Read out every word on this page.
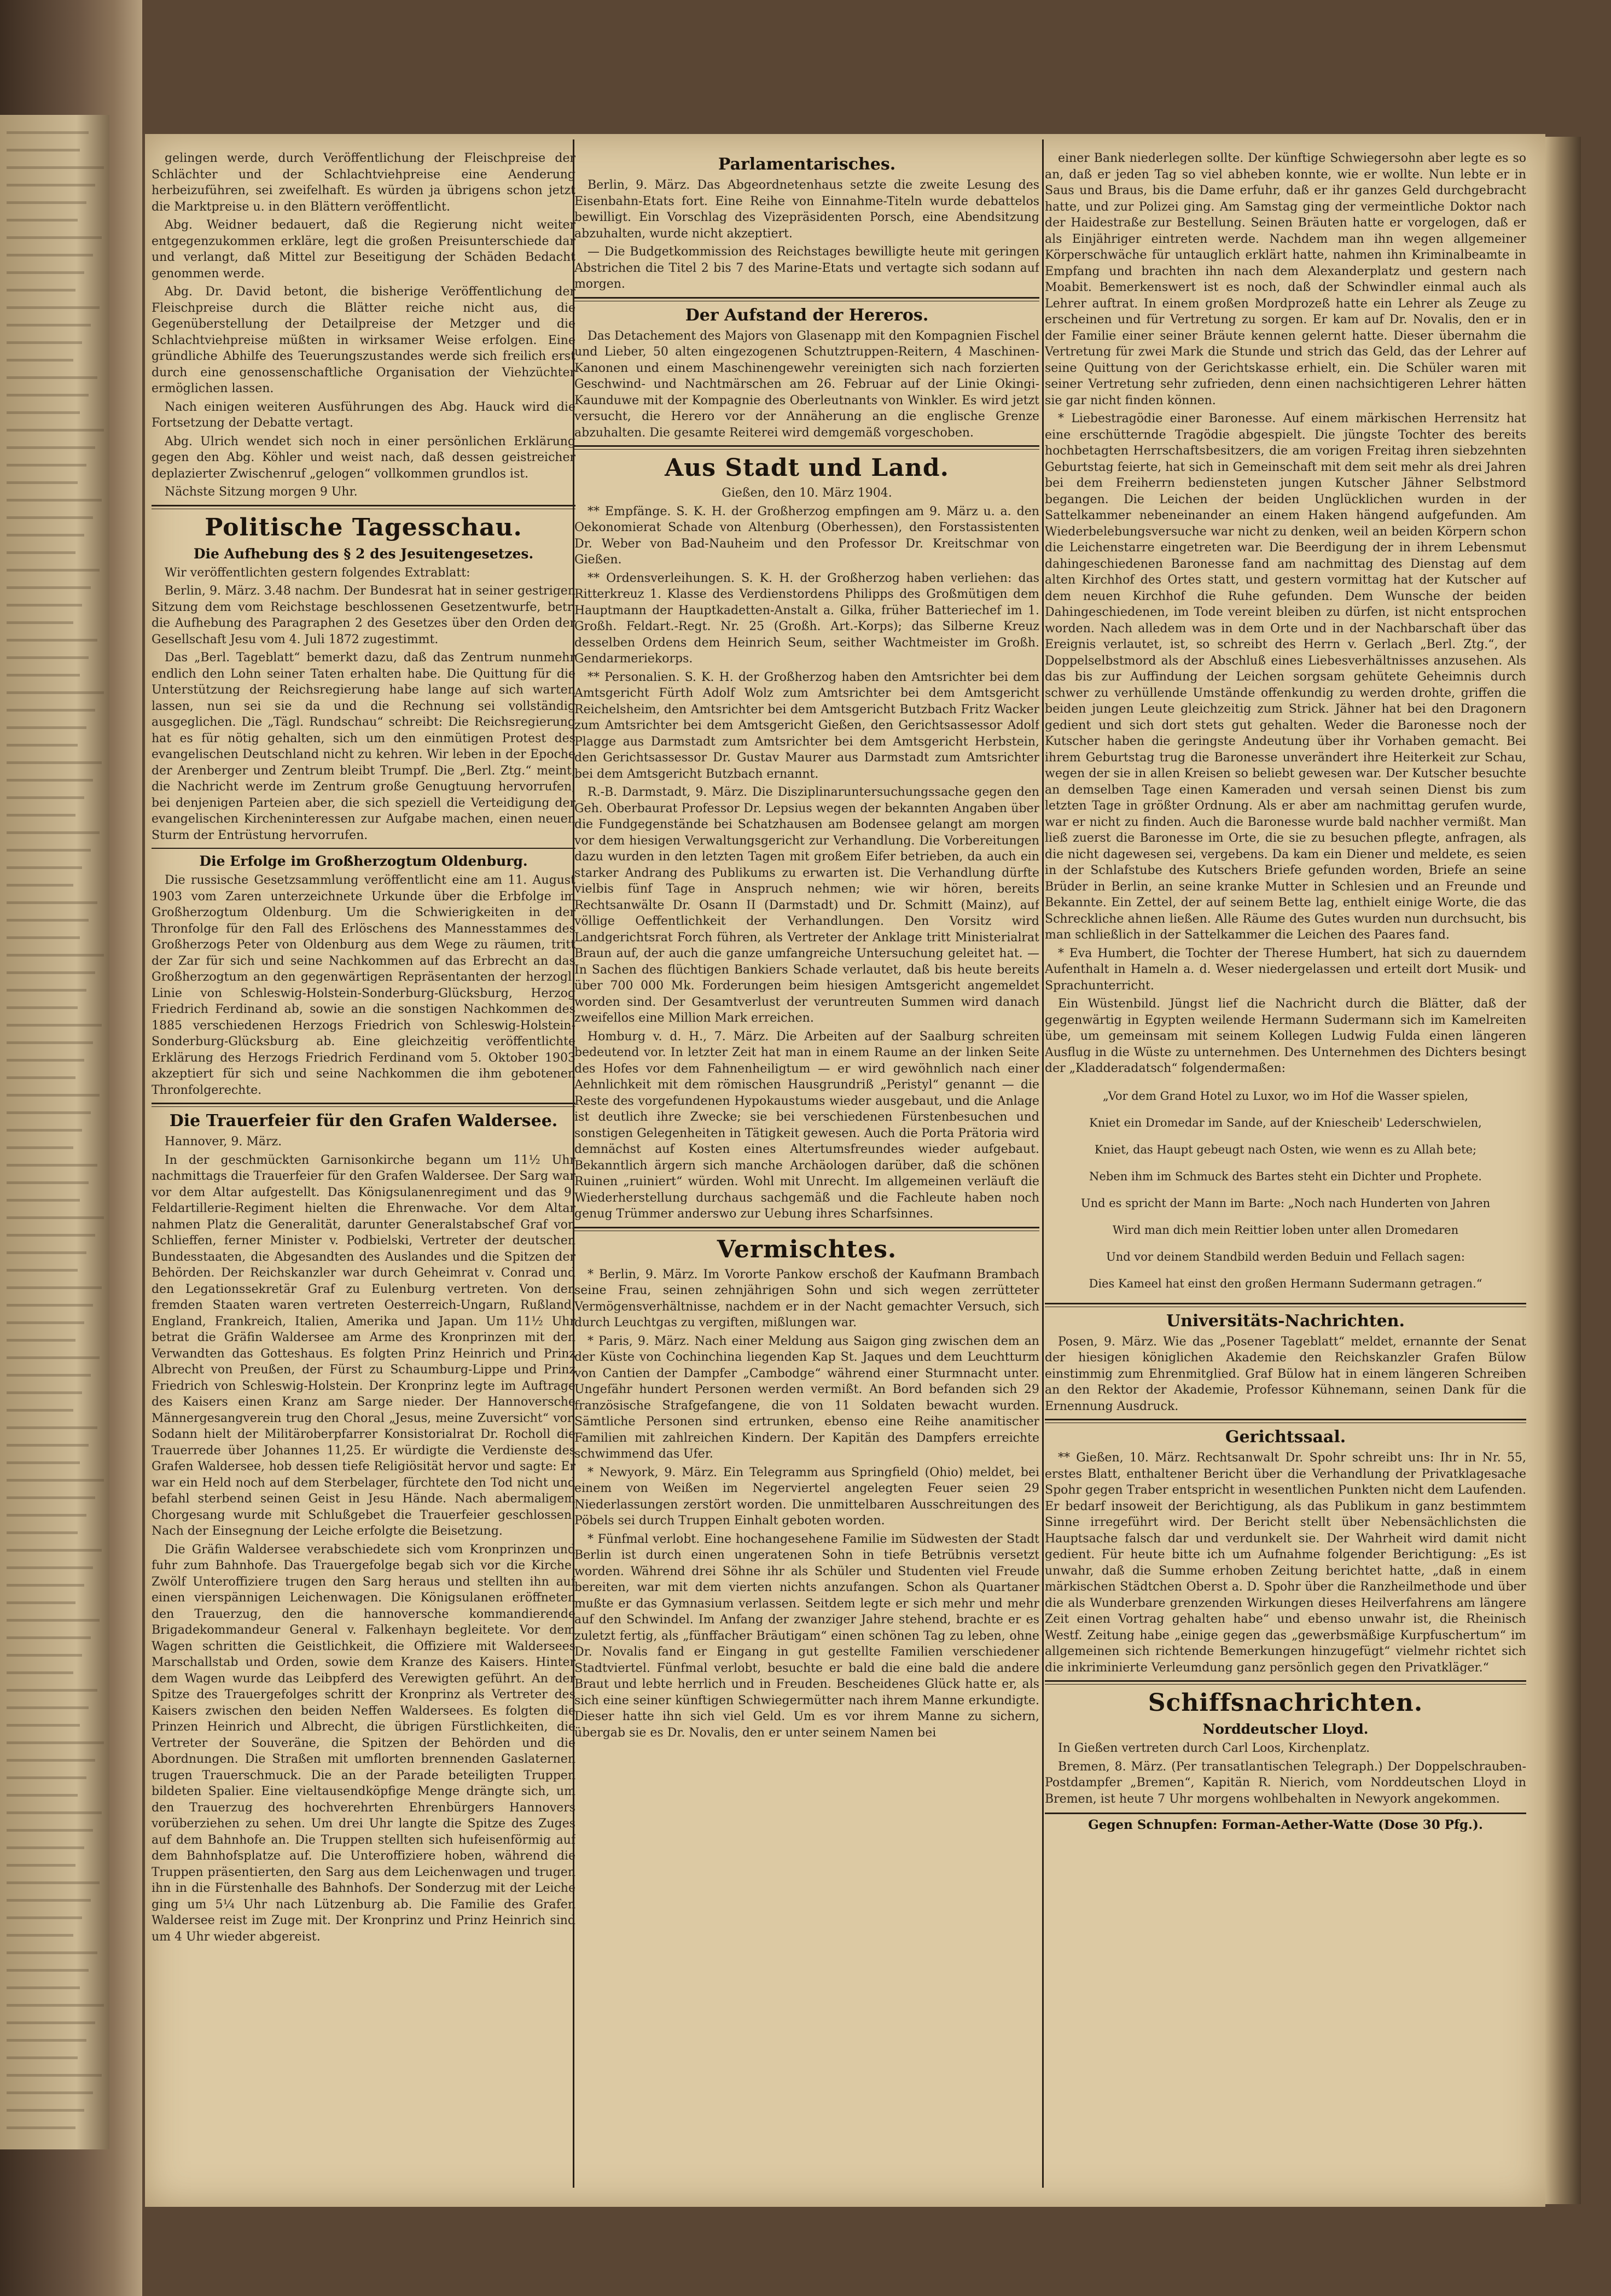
gelingen werde, durch Veröffentlichung der Fleischpreise der Schlächter und der Schlachtviehpreise eine Aenderung herbeizuführen, sei zweifelhaft. Es würden ja übrigens schon jetzt die Marktpreise u. in den Blättern veröffentlicht.

Abg. Weidner bedauert, daß die Regierung nicht weiter entgegenzukommen erkläre, legt die großen Preisunterschiede dar und verlangt, daß Mittel zur Beseitigung der Schäden Bedacht genommen werde.

Abg. Dr. David betont, die bisherige Veröffentlichung der Fleischpreise durch die Blätter reiche nicht aus, die Gegenüberstellung der Detailpreise der Metzger und die Schlachtviehpreise müßten in wirksamer Weise erfolgen. Eine gründliche Abhilfe des Teuerungszustandes werde sich freilich erst durch eine genossenschaftliche Organisation der Viehzüchter ermöglichen lassen.

Nach einigen weiteren Ausführungen des Abg. Hauck wird die Fortsetzung der Debatte vertagt.

Abg. Ulrich wendet sich noch in einer persönlichen Erklärung gegen den Abg. Köhler und weist nach, daß dessen geistreicher deplazierter Zwischenruf „gelogen“ vollkommen grundlos ist.

Nächste Sitzung morgen 9 Uhr.

Politische Tagesschau.
Die Aufhebung des § 2 des Jesuitengesetzes.

Wir veröffentlichten gestern folgendes Extrablatt:

Berlin, 9. März. 3.48 nachm. Der Bundesrat hat in seiner gestrigen Sitzung dem vom Reichstage beschlossenen Gesetzentwurfe, betr. die Aufhebung des Paragraphen 2 des Gesetzes über den Orden der Gesellschaft Jesu vom 4. Juli 1872 zugestimmt.

Das „Berl. Tageblatt“ bemerkt dazu, daß das Zentrum nunmehr endlich den Lohn seiner Taten erhalten habe. Die Quittung für die Unterstützung der Reichsregierung habe lange auf sich warten lassen, nun sei sie da und die Rechnung sei vollständig ausgeglichen. Die „Tägl. Rundschau“ schreibt: Die Reichsregierung hat es für nötig gehalten, sich um den einmütigen Protest des evangelischen Deutschland nicht zu kehren. Wir leben in der Epoche der Arenberger und Zentrum bleibt Trumpf. Die „Berl. Ztg.“ meint, die Nachricht werde im Zentrum große Genugtuung hervorrufen, bei denjenigen Parteien aber, die sich speziell die Verteidigung der evangelischen Kircheninteressen zur Aufgabe machen, einen neuen Sturm der Entrüstung hervorrufen.

Die Erfolge im Großherzogtum Oldenburg.

Die russische Gesetzsammlung veröffentlicht eine am 11. August 1903 vom Zaren unterzeichnete Urkunde über die Erbfolge im Großherzogtum Oldenburg. Um die Schwierigkeiten in der Thronfolge für den Fall des Erlöschens des Mannesstammes des Großherzogs Peter von Oldenburg aus dem Wege zu räumen, tritt der Zar für sich und seine Nachkommen auf das Erbrecht an das Großherzogtum an den gegenwärtigen Repräsentanten der herzogl. Linie von Schleswig-Holstein-Sonderburg-Glücksburg, Herzog Friedrich Ferdinand ab, sowie an die sonstigen Nachkommen des 1885 verschiedenen Herzogs Friedrich von Schleswig-Holstein-Sonderburg-Glücksburg ab. Eine gleichzeitig veröffentlichte Erklärung des Herzogs Friedrich Ferdinand vom 5. Oktober 1903 akzeptiert für sich und seine Nachkommen die ihm gebotenen Thronfolgerechte.

Die Trauerfeier für den Grafen Waldersee.

Hannover, 9. März.

In der geschmückten Garnisonkirche begann um 11½ Uhr nachmittags die Trauerfeier für den Grafen Waldersee. Der Sarg war vor dem Altar aufgestellt. Das Königsulanenregiment und das 9. Feldartillerie-Regiment hielten die Ehrenwache. Vor dem Altar nahmen Platz die Generalität, darunter Generalstabschef Graf von Schlieffen, ferner Minister v. Podbielski, Vertreter der deutschen Bundesstaaten, die Abgesandten des Auslandes und die Spitzen der Behörden. Der Reichskanzler war durch Geheimrat v. Conrad und den Legationssekretär Graf zu Eulenburg vertreten. Von den fremden Staaten waren vertreten Oesterreich-Ungarn, Rußland, England, Frankreich, Italien, Amerika und Japan. Um 11½ Uhr betrat die Gräfin Waldersee am Arme des Kronprinzen mit den Verwandten das Gotteshaus. Es folgten Prinz Heinrich und Prinz Albrecht von Preußen, der Fürst zu Schaumburg-Lippe und Prinz Friedrich von Schleswig-Holstein. Der Kronprinz legte im Auftrage des Kaisers einen Kranz am Sarge nieder. Der Hannoversche Männergesangverein trug den Choral „Jesus, meine Zuversicht“ vor. Sodann hielt der Militäroberpfarrer Konsistorialrat Dr. Rocholl die Trauerrede über Johannes 11,25. Er würdigte die Verdienste des Grafen Waldersee, hob dessen tiefe Religiösität hervor und sagte: Er war ein Held noch auf dem Sterbelager, fürchtete den Tod nicht und befahl sterbend seinen Geist in Jesu Hände. Nach abermaligem Chorgesang wurde mit Schlußgebet die Trauerfeier geschlossen. Nach der Einsegnung der Leiche erfolgte die Beisetzung.

Die Gräfin Waldersee verabschiedete sich vom Kronprinzen und fuhr zum Bahnhofe. Das Trauergefolge begab sich vor die Kirche. Zwölf Unteroffiziere trugen den Sarg heraus und stellten ihn auf einen vierspännigen Leichenwagen. Die Königsulanen eröffneten den Trauerzug, den die hannoversche kommandierende Brigadekommandeur General v. Falkenhayn begleitete. Vor dem Wagen schritten die Geistlichkeit, die Offiziere mit Waldersees Marschallstab und Orden, sowie dem Kranze des Kaisers. Hinter dem Wagen wurde das Leibpferd des Verewigten geführt. An der Spitze des Trauergefolges schritt der Kronprinz als Vertreter des Kaisers zwischen den beiden Neffen Waldersees. Es folgten die Prinzen Heinrich und Albrecht, die übrigen Fürstlichkeiten, die Vertreter der Souveräne, die Spitzen der Behörden und die Abordnungen. Die Straßen mit umflorten brennenden Gaslaternen trugen Trauerschmuck. Die an der Parade beteiligten Truppen bildeten Spalier. Eine vieltausendköpfige Menge drängte sich, um den Trauerzug des hochverehrten Ehrenbürgers Hannovers vorüberziehen zu sehen. Um drei Uhr langte die Spitze des Zuges auf dem Bahnhofe an. Die Truppen stellten sich hufeisenförmig auf dem Bahnhofsplatze auf. Die Unteroffiziere hoben, während die Truppen präsentierten, den Sarg aus dem Leichenwagen und trugen ihn in die Fürstenhalle des Bahnhofs. Der Sonderzug mit der Leiche ging um 5¼ Uhr nach Lützenburg ab. Die Familie des Grafen Waldersee reist im Zuge mit. Der Kronprinz und Prinz Heinrich sind um 4 Uhr wieder abgereist.

Parlamentarisches.

Berlin, 9. März. Das Abgeordnetenhaus setzte die zweite Lesung des Eisenbahn-Etats fort. Eine Reihe von Einnahme-Titeln wurde debattelos bewilligt. Ein Vorschlag des Vizepräsidenten Porsch, eine Abendsitzung abzuhalten, wurde nicht akzeptiert.

— Die Budgetkommission des Reichstages bewilligte heute mit geringen Abstrichen die Titel 2 bis 7 des Marine-Etats und vertagte sich sodann auf morgen.

Der Aufstand der Hereros.

Das Detachement des Majors von Glasenapp mit den Kompagnien Fischel und Lieber, 50 alten eingezogenen Schutztruppen-Reitern, 4 Maschinen-Kanonen und einem Maschinengewehr vereinigten sich nach forzierten Geschwind- und Nachtmärschen am 26. Februar auf der Linie Okingi-Kaunduwe mit der Kompagnie des Oberleutnants von Winkler. Es wird jetzt versucht, die Herero vor der Annäherung an die englische Grenze abzuhalten. Die gesamte Reiterei wird demgemäß vorgeschoben.

Aus Stadt und Land.
Gießen, den 10. März 1904.

** Empfänge. S. K. H. der Großherzog empfingen am 9. März u. a. den Oekonomierat Schade von Altenburg (Oberhessen), den Forstassistenten Dr. Weber von Bad-Nauheim und den Professor Dr. Kreitschmar von Gießen.

** Ordensverleihungen. S. K. H. der Großherzog haben verliehen: das Ritterkreuz 1. Klasse des Verdienstordens Philipps des Großmütigen dem Hauptmann der Hauptkadetten-Anstalt a. Gilka, früher Batteriechef im 1. Großh. Feldart.-Regt. Nr. 25 (Großh. Art.-Korps); das Silberne Kreuz desselben Ordens dem Heinrich Seum, seither Wachtmeister im Großh. Gendarmeriekorps.

** Personalien. S. K. H. der Großherzog haben den Amtsrichter bei dem Amtsgericht Fürth Adolf Wolz zum Amtsrichter bei dem Amtsgericht Reichelsheim, den Amtsrichter bei dem Amtsgericht Butzbach Fritz Wacker zum Amtsrichter bei dem Amtsgericht Gießen, den Gerichtsassessor Adolf Plagge aus Darmstadt zum Amtsrichter bei dem Amtsgericht Herbstein, den Gerichtsassessor Dr. Gustav Maurer aus Darmstadt zum Amtsrichter bei dem Amtsgericht Butzbach ernannt.

R.-B. Darmstadt, 9. März. Die Disziplinaruntersuchungssache gegen den Geh. Oberbaurat Professor Dr. Lepsius wegen der bekannten Angaben über die Fundgegenstände bei Schatzhausen am Bodensee gelangt am morgen vor dem hiesigen Verwaltungsgericht zur Verhandlung. Die Vorbereitungen dazu wurden in den letzten Tagen mit großem Eifer betrieben, da auch ein starker Andrang des Publikums zu erwarten ist. Die Verhandlung dürfte vielbis fünf Tage in Anspruch nehmen; wie wir hören, bereits Rechtsanwälte Dr. Osann II (Darmstadt) und Dr. Schmitt (Mainz), auf völlige Oeffentlichkeit der Verhandlungen. Den Vorsitz wird Landgerichtsrat Forch führen, als Vertreter der Anklage tritt Ministerialrat Braun auf, der auch die ganze umfangreiche Untersuchung geleitet hat. — In Sachen des flüchtigen Bankiers Schade verlautet, daß bis heute bereits über 700 000 Mk. Forderungen beim hiesigen Amtsgericht angemeldet worden sind. Der Gesamtverlust der veruntreuten Summen wird danach zweifellos eine Million Mark erreichen.

Homburg v. d. H., 7. März. Die Arbeiten auf der Saalburg schreiten bedeutend vor. In letzter Zeit hat man in einem Raume an der linken Seite des Hofes vor dem Fahnenheiligtum — er wird gewöhnlich nach einer Aehnlichkeit mit dem römischen Hausgrundriß „Peristyl“ genannt — die Reste des vorgefundenen Hypokaustums wieder ausgebaut, und die Anlage ist deutlich ihre Zwecke; sie bei verschiedenen Fürstenbesuchen und sonstigen Gelegenheiten in Tätigkeit gewesen. Auch die Porta Prätoria wird demnächst auf Kosten eines Altertumsfreundes wieder aufgebaut. Bekanntlich ärgern sich manche Archäologen darüber, daß die schönen Ruinen „ruiniert“ würden. Wohl mit Unrecht. Im allgemeinen verläuft die Wiederherstellung durchaus sachgemäß und die Fachleute haben noch genug Trümmer anderswo zur Uebung ihres Scharfsinnes.

Vermischtes.

* Berlin, 9. März. Im Vororte Pankow erschoß der Kaufmann Brambach seine Frau, seinen zehnjährigen Sohn und sich wegen zerrütteter Vermögensverhältnisse, nachdem er in der Nacht gemachter Versuch, sich durch Leuchtgas zu vergiften, mißlungen war.

* Paris, 9. März. Nach einer Meldung aus Saigon ging zwischen dem an der Küste von Cochinchina liegenden Kap St. Jaques und dem Leuchtturm von Cantien der Dampfer „Cambodge“ während einer Sturmnacht unter. Ungefähr hundert Personen werden vermißt. An Bord befanden sich 29 französische Strafgefangene, die von 11 Soldaten bewacht wurden. Sämtliche Personen sind ertrunken, ebenso eine Reihe anamitischer Familien mit zahlreichen Kindern. Der Kapitän des Dampfers erreichte schwimmend das Ufer.

* Newyork, 9. März. Ein Telegramm aus Springfield (Ohio) meldet, bei einem von Weißen im Negerviertel angelegten Feuer seien 29 Niederlassungen zerstört worden. Die unmittelbaren Ausschreitungen des Pöbels sei durch Truppen Einhalt geboten worden.

* Fünfmal verlobt. Eine hochangesehene Familie im Südwesten der Stadt Berlin ist durch einen ungeratenen Sohn in tiefe Betrübnis versetzt worden. Während drei Söhne ihr als Schüler und Studenten viel Freude bereiten, war mit dem vierten nichts anzufangen. Schon als Quartaner mußte er das Gymnasium verlassen. Seitdem legte er sich mehr und mehr auf den Schwindel. Im Anfang der zwanziger Jahre stehend, brachte er es zuletzt fertig, als „fünffacher Bräutigam“ einen schönen Tag zu leben, ohne Dr. Novalis fand er Eingang in gut gestellte Familien verschiedener Stadtviertel. Fünfmal verlobt, besuchte er bald die eine bald die andere Braut und lebte herrlich und in Freuden. Bescheidenes Glück hatte er, als sich eine seiner künftigen Schwiegermütter nach ihrem Manne erkundigte. Dieser hatte ihn sich viel Geld. Um es vor ihrem Manne zu sichern, übergab sie es Dr. Novalis, den er unter seinem Namen bei

einer Bank niederlegen sollte. Der künftige Schwiegersohn aber legte es so an, daß er jeden Tag so viel abheben konnte, wie er wollte. Nun lebte er in Saus und Braus, bis die Dame erfuhr, daß er ihr ganzes Geld durchgebracht hatte, und zur Polizei ging. Am Samstag ging der vermeintliche Doktor nach der Haidestraße zur Bestellung. Seinen Bräuten hatte er vorgelogen, daß er als Einjähriger eintreten werde. Nachdem man ihn wegen allgemeiner Körperschwäche für untauglich erklärt hatte, nahmen ihn Kriminalbeamte in Empfang und brachten ihn nach dem Alexanderplatz und gestern nach Moabit. Bemerkenswert ist es noch, daß der Schwindler einmal auch als Lehrer auftrat. In einem großen Mordprozeß hatte ein Lehrer als Zeuge zu erscheinen und für Vertretung zu sorgen. Er kam auf Dr. Novalis, den er in der Familie einer seiner Bräute kennen gelernt hatte. Dieser übernahm die Vertretung für zwei Mark die Stunde und strich das Geld, das der Lehrer auf seine Quittung von der Gerichtskasse erhielt, ein. Die Schüler waren mit seiner Vertretung sehr zufrieden, denn einen nachsichtigeren Lehrer hätten sie gar nicht finden können.

* Liebestragödie einer Baronesse. Auf einem märkischen Herrensitz hat eine erschütternde Tragödie abgespielt. Die jüngste Tochter des bereits hochbetagten Herrschaftsbesitzers, die am vorigen Freitag ihren siebzehnten Geburtstag feierte, hat sich in Gemeinschaft mit dem seit mehr als drei Jahren bei dem Freiherrn bediensteten jungen Kutscher Jähner Selbstmord begangen. Die Leichen der beiden Unglücklichen wurden in der Sattelkammer nebeneinander an einem Haken hängend aufgefunden. Am Wiederbelebungsversuche war nicht zu denken, weil an beiden Körpern schon die Leichenstarre eingetreten war. Die Beerdigung der in ihrem Lebensmut dahingeschiedenen Baronesse fand am nachmittag des Dienstag auf dem alten Kirchhof des Ortes statt, und gestern vormittag hat der Kutscher auf dem neuen Kirchhof die Ruhe gefunden. Dem Wunsche der beiden Dahingeschiedenen, im Tode vereint bleiben zu dürfen, ist nicht entsprochen worden. Nach alledem was in dem Orte und in der Nachbarschaft über das Ereignis verlautet, ist, so schreibt des Herrn v. Gerlach „Berl. Ztg.“, der Doppelselbstmord als der Abschluß eines Liebesverhältnisses anzusehen. Als das bis zur Auffindung der Leichen sorgsam gehütete Geheimnis durch schwer zu verhüllende Umstände offenkundig zu werden drohte, griffen die beiden jungen Leute gleichzeitig zum Strick. Jähner hat bei den Dragonern gedient und sich dort stets gut gehalten. Weder die Baronesse noch der Kutscher haben die geringste Andeutung über ihr Vorhaben gemacht. Bei ihrem Geburtstag trug die Baronesse unverändert ihre Heiterkeit zur Schau, wegen der sie in allen Kreisen so beliebt gewesen war. Der Kutscher besuchte an demselben Tage einen Kameraden und versah seinen Dienst bis zum letzten Tage in größter Ordnung. Als er aber am nachmittag gerufen wurde, war er nicht zu finden. Auch die Baronesse wurde bald nachher vermißt. Man ließ zuerst die Baronesse im Orte, die sie zu besuchen pflegte, anfragen, als die nicht dagewesen sei, vergebens. Da kam ein Diener und meldete, es seien in der Schlafstube des Kutschers Briefe gefunden worden, Briefe an seine Brüder in Berlin, an seine kranke Mutter in Schlesien und an Freunde und Bekannte. Ein Zettel, der auf seinem Bette lag, enthielt einige Worte, die das Schreckliche ahnen ließen. Alle Räume des Gutes wurden nun durchsucht, bis man schließlich in der Sattelkammer die Leichen des Paares fand.

* Eva Humbert, die Tochter der Therese Humbert, hat sich zu dauerndem Aufenthalt in Hameln a. d. Weser niedergelassen und erteilt dort Musik- und Sprachunterricht.

Ein Wüstenbild. Jüngst lief die Nachricht durch die Blätter, daß der gegenwärtig in Egypten weilende Hermann Sudermann sich im Kamelreiten übe, um gemeinsam mit seinem Kollegen Ludwig Fulda einen längeren Ausflug in die Wüste zu unternehmen. Des Unternehmen des Dichters besingt der „Kladderadatsch“ folgendermaßen:

„Vor dem Grand Hotel zu Luxor, wo im Hof die Wasser spielen,

Kniet ein Dromedar im Sande, auf der Kniescheib' Lederschwielen,

Kniet, das Haupt gebeugt nach Osten, wie wenn es zu Allah bete;

Neben ihm im Schmuck des Bartes steht ein Dichter und Prophete.

Und es spricht der Mann im Barte: „Noch nach Hunderten von Jahren

Wird man dich mein Reittier loben unter allen Dromedaren

Und vor deinem Standbild werden Beduin und Fellach sagen:

Dies Kameel hat einst den großen Hermann Sudermann getragen.“

Universitäts-Nachrichten.

Posen, 9. März. Wie das „Posener Tageblatt“ meldet, ernannte der Senat der hiesigen königlichen Akademie den Reichskanzler Grafen Bülow einstimmig zum Ehrenmitglied. Graf Bülow hat in einem längeren Schreiben an den Rektor der Akademie, Professor Kühnemann, seinen Dank für die Ernennung Ausdruck.

Gerichtssaal.

** Gießen, 10. März. Rechtsanwalt Dr. Spohr schreibt uns: Ihr in Nr. 55, erstes Blatt, enthaltener Bericht über die Verhandlung der Privatklagesache Spohr gegen Traber entspricht in wesentlichen Punkten nicht dem Laufenden. Er bedarf insoweit der Berichtigung, als das Publikum in ganz bestimmtem Sinne irregeführt wird. Der Bericht stellt über Nebensächlichsten die Hauptsache falsch dar und verdunkelt sie. Der Wahrheit wird damit nicht gedient. Für heute bitte ich um Aufnahme folgender Berichtigung: „Es ist unwahr, daß die Summe erhoben Zeitung berichtet hatte, „daß in einem märkischen Städtchen Oberst a. D. Spohr über die Ranzheilmethode und über die als Wunderbare grenzenden Wirkungen dieses Heilverfahrens am längere Zeit einen Vortrag gehalten habe“ und ebenso unwahr ist, die Rheinisch Westf. Zeitung habe „einige gegen das „gewerbsmäßige Kurpfuschertum“ im allgemeinen sich richtende Bemerkungen hinzugefügt“ vielmehr richtet sich die inkriminierte Verleumdung ganz persönlich gegen den Privatkläger.“

Schiffsnachrichten.
Norddeutscher Lloyd.

In Gießen vertreten durch Carl Loos, Kirchenplatz.

Bremen, 8. März. (Per transatlantischen Telegraph.) Der Doppelschrauben-Postdampfer „Bremen“, Kapitän R. Nierich, vom Norddeutschen Lloyd in Bremen, ist heute 7 Uhr morgens wohlbehalten in Newyork angekommen.

Gegen Schnupfen: Forman-Aether-Watte (Dose 30 Pfg.).
